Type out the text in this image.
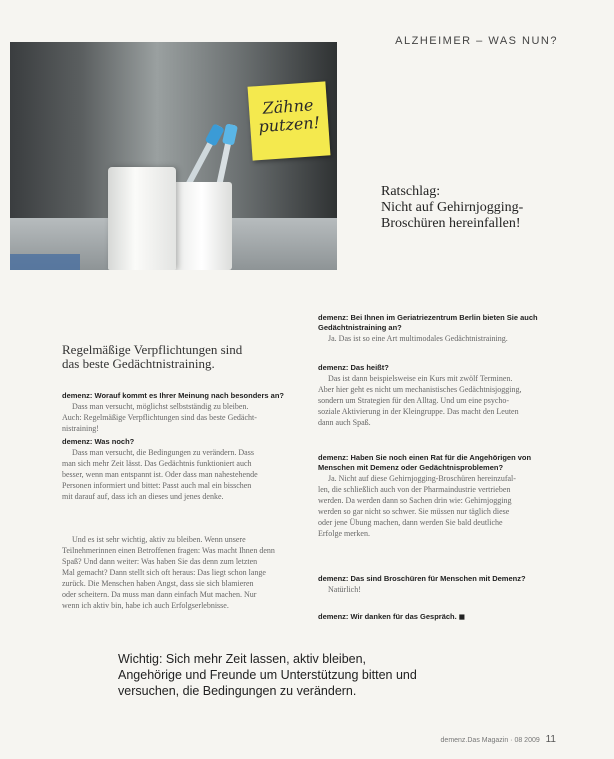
ALZHEIMER – WAS NUN?
Zähne
putzen!
Ratschlag:
Nicht auf Gehirnjogging-
Broschüren hereinfallen!
Regelmäßige Verpflichtungen sind
das beste Gedächtnistraining.
demenz: Worauf kommt es Ihrer Meinung nach besonders an?
Dass man versucht, möglichst selbstständig zu bleiben.
Auch: Regelmäßige Verpflichtungen sind das beste Gedächt-
nistraining!
demenz: Was noch?
Dass man versucht, die Bedingungen zu verändern. Dass
man sich mehr Zeit lässt. Das Gedächtnis funktioniert auch
besser, wenn man entspannt ist. Oder dass man nahestehende
Personen informiert und bittet: Passt auch mal ein bisschen
mit darauf auf, dass ich an dieses und jenes denke.
Und es ist sehr wichtig, aktiv zu bleiben. Wenn unsere
Teilnehmerinnen einen Betroffenen fragen: Was macht Ihnen denn
Spaß? Und dann weiter: Was haben Sie das denn zum letzten
Mal gemacht? Dann stellt sich oft heraus: Das liegt schon lange
zurück. Die Menschen haben Angst, dass sie sich blamieren
oder scheitern. Da muss man dann einfach Mut machen. Nur
wenn ich aktiv bin, habe ich auch Erfolgserlebnisse.
demenz: Bei Ihnen im Geriatriezentrum Berlin bieten Sie auch Gedächtnistraining an?
Ja. Das ist so eine Art multimodales Gedächtnistraining.
demenz: Das heißt?
Das ist dann beispielsweise ein Kurs mit zwölf Terminen.
Aber hier geht es nicht um mechanistisches Gedächtnisjogging,
sondern um Strategien für den Alltag. Und um eine psycho-
soziale Aktivierung in der Kleingruppe. Das macht den Leuten
dann auch Spaß.
demenz: Haben Sie noch einen Rat für die Angehörigen von Menschen mit Demenz oder Gedächtnisproblemen?
Ja. Nicht auf diese Gehirnjogging-Broschüren hereinzufal-
len, die schließlich auch von der Pharmaindustrie vertrieben
werden. Da werden dann so Sachen drin wie: Gehirnjogging
werden so gar nicht so schwer. Sie müssen nur täglich diese
oder jene Übung machen, dann werden Sie bald deutliche
Erfolge merken.
demenz: Das sind Broschüren für Menschen mit Demenz?
Natürlich!
demenz: Wir danken für das Gespräch. ◼
Wichtig: Sich mehr Zeit lassen, aktiv bleiben,
Angehörige und Freunde um Unterstützung bitten und
versuchen, die Bedingungen zu verändern.
demenz.Das Magazin · 08 2009 11
